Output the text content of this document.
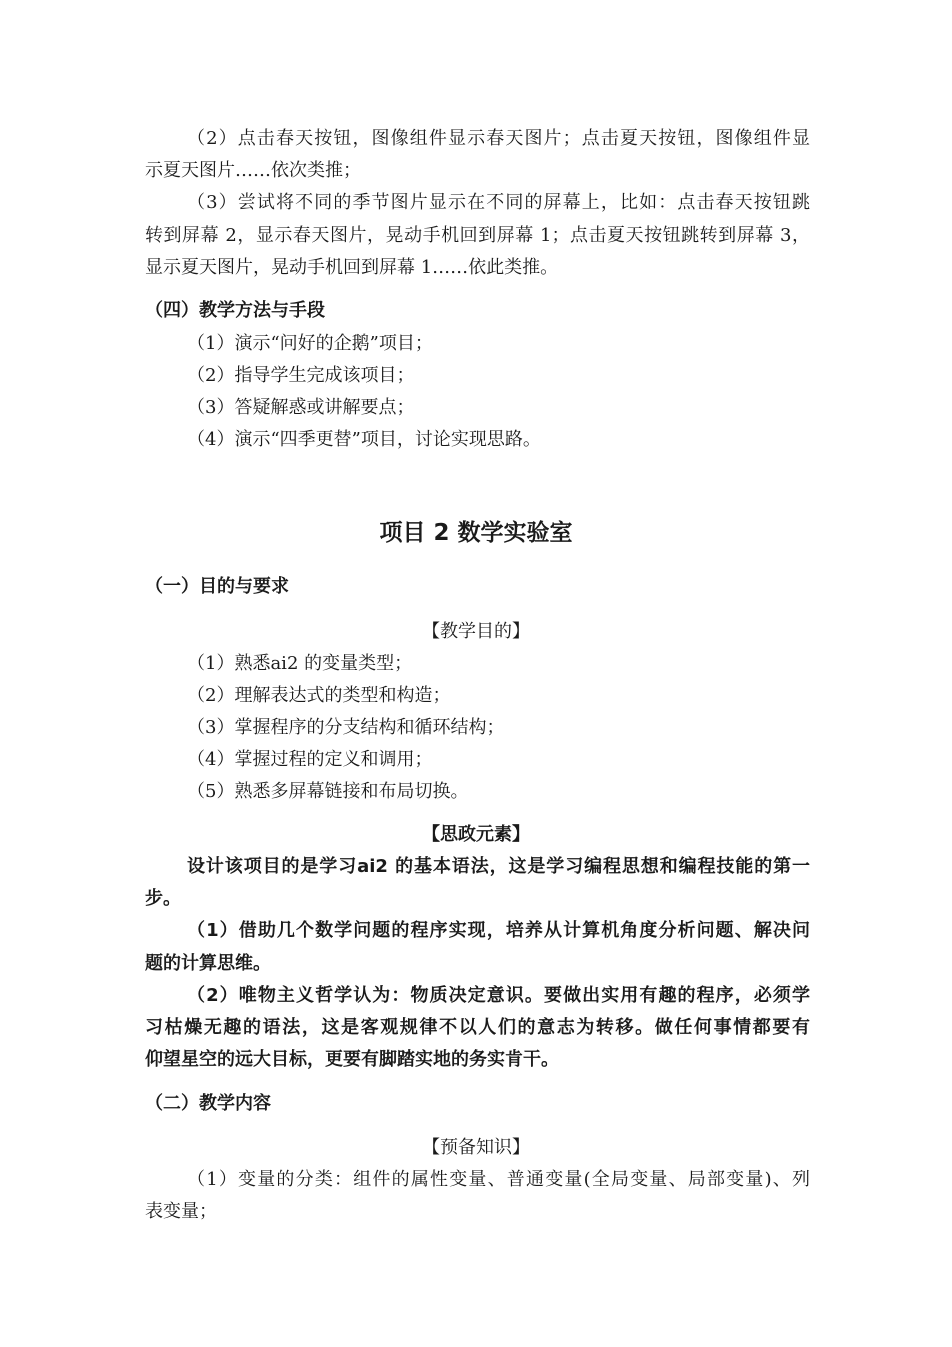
（2）点击春天按钮，图像组件显示春天图片；点击夏天按钮，图像组件显
示夏天图片……依次类推；
（3）尝试将不同的季节图片显示在不同的屏幕上，比如：点击春天按钮跳
转到屏幕 2，显示春天图片，晃动手机回到屏幕 1；点击夏天按钮跳转到屏幕 3，
显示夏天图片，晃动手机回到屏幕 1……依此类推。
（四）教学方法与手段
（1）演示“问好的企鹅”项目；
（2）指导学生完成该项目；
（3）答疑解惑或讲解要点；
（4）演示“四季更替”项目，讨论实现思路。
项目 2 数学实验室
（一）目的与要求
【教学目的】
（1）熟悉ai2 的变量类型；
（2）理解表达式的类型和构造；
（3）掌握程序的分支结构和循环结构；
（4）掌握过程的定义和调用；
（5）熟悉多屏幕链接和布局切换。
【思政元素】
设计该项目的是学习ai2 的基本语法，这是学习编程思想和编程技能的第一
步。
（1）借助几个数学问题的程序实现，培养从计算机角度分析问题、解决问
题的计算思维。
（2）唯物主义哲学认为：物质决定意识。要做出实用有趣的程序，必须学
习枯燥无趣的语法，这是客观规律不以人们的意志为转移。做任何事情都要有
仰望星空的远大目标，更要有脚踏实地的务实肯干。
（二）教学内容
【预备知识】
（1）变量的分类：组件的属性变量、普通变量(全局变量、局部变量)、列
表变量；
